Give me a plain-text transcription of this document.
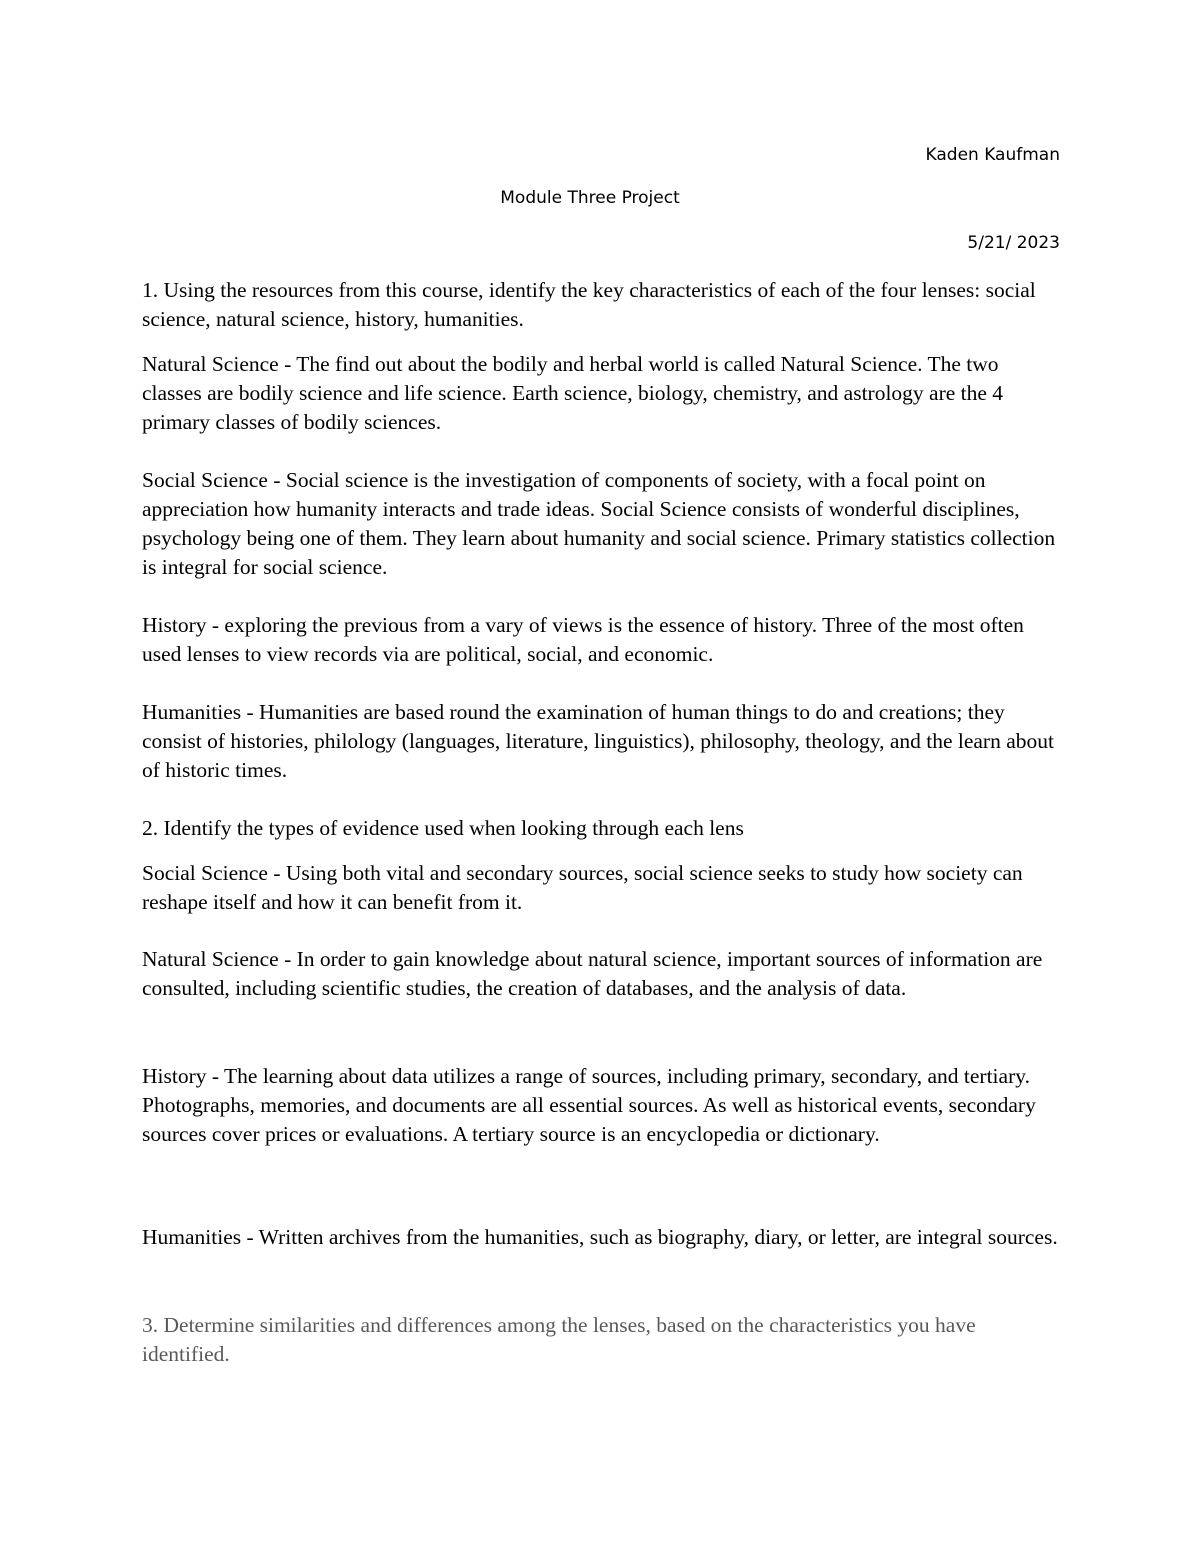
Kaden Kaufman
Module Three Project
5/21/ 2023

1. Using the resources from this course, identify the key characteristics of each of the four lenses: social science, natural science, history, humanities.

Natural Science - The find out about the bodily and herbal world is called Natural Science. The two classes are bodily science and life science. Earth science, biology, chemistry, and astrology are the 4 primary classes of bodily sciences.

Social Science - Social science is the investigation of components of society, with a focal point on appreciation how humanity interacts and trade ideas. Social Science consists of wonderful disciplines, psychology being one of them. They learn about humanity and social science. Primary statistics collection is integral for social science.

History - exploring the previous from a vary of views is the essence of history. Three of the most often used lenses to view records via are political, social, and economic.

Humanities - Humanities are based round the examination of human things to do and creations; they consist of histories, philology (languages, literature, linguistics), philosophy, theology, and the learn about of historic times.

2. Identify the types of evidence used when looking through each lens

Social Science - Using both vital and secondary sources, social science seeks to study how society can reshape itself and how it can benefit from it.

Natural Science - In order to gain knowledge about natural science, important sources of information are consulted, including scientific studies, the creation of databases, and the analysis of data.

History - The learning about data utilizes a range of sources, including primary, secondary, and tertiary. Photographs, memories, and documents are all essential sources. As well as historical events, secondary sources cover prices or evaluations. A tertiary source is an encyclopedia or dictionary.

Humanities - Written archives from the humanities, such as biography, diary, or letter, are integral sources.

3. Determine similarities and differences among the lenses, based on the characteristics you have identified.
